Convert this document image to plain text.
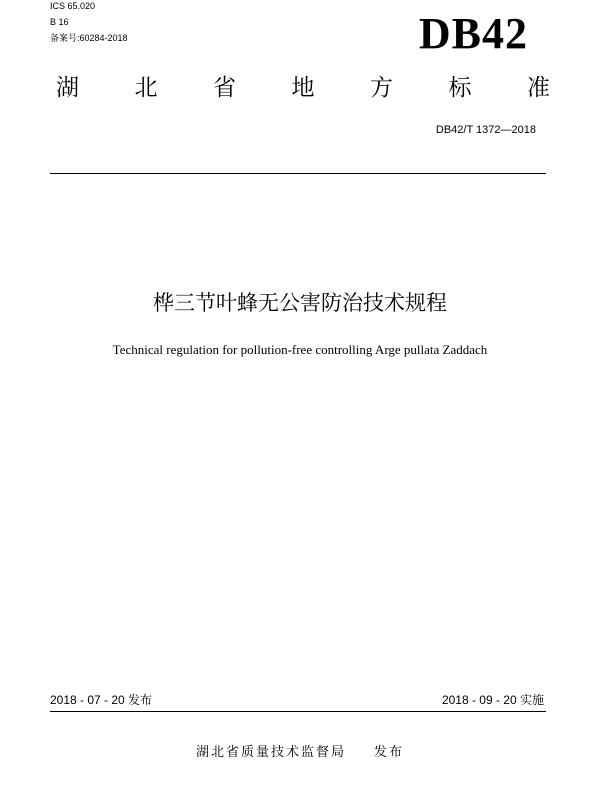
ICS 65.020
B 16
备案号:60284-2018	DB42
湖 北 省 地 方 标 准
DB42/T 1372—2018
桦三节叶蜂无公害防治技术规程
Technical regulation for pollution-free controlling Arge pullata Zaddach
2018 - 07 - 20 发布	2018 - 09 - 20 实施
湖北省质量技术监督局 发布
